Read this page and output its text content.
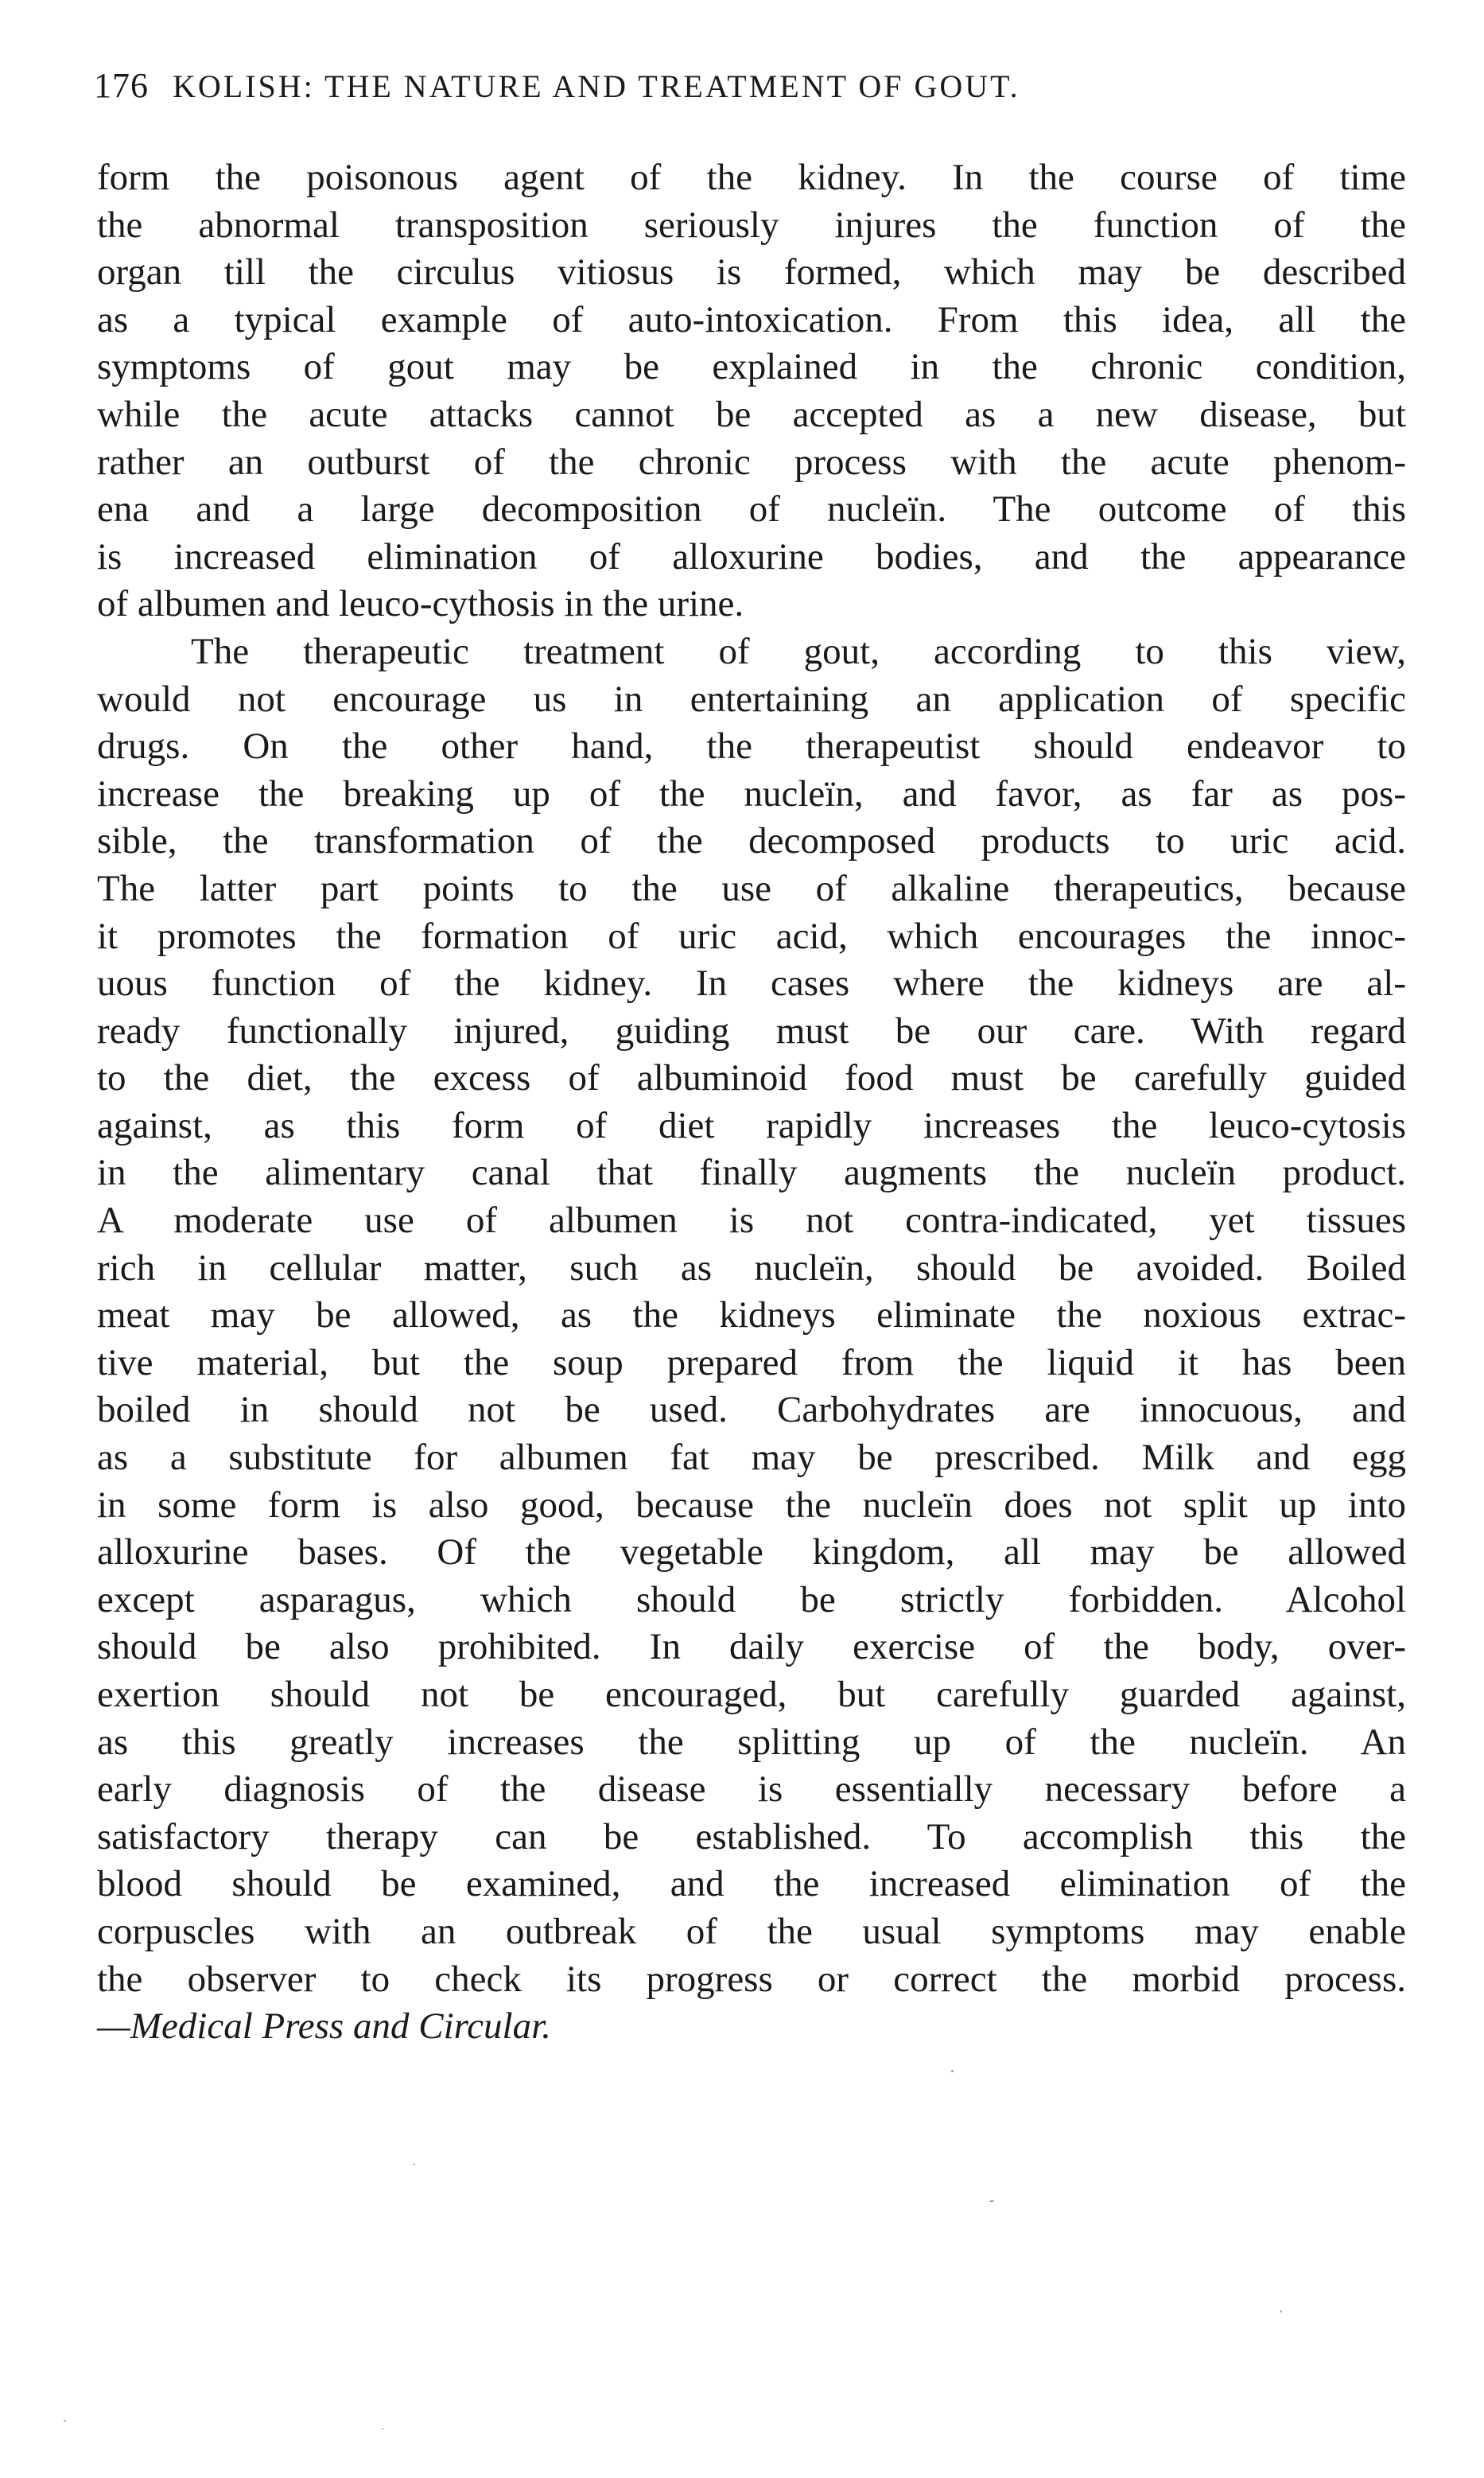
176 KOLISH: THE NATURE AND TREATMENT OF GOUT.
form the poisonous agent of the kidney. In the course of time
the abnormal transposition seriously injures the function of the
organ till the circulus vitiosus is formed, which may be described
as a typical example of auto-intoxication. From this idea, all the
symptoms of gout may be explained in the chronic condition,
while the acute attacks cannot be accepted as a new disease, but
rather an outburst of the chronic process with the acute phenom-
ena and a large decomposition of nucleïn. The outcome of this
is increased elimination of alloxurine bodies, and the appearance
of albumen and leuco-cythosis in the urine.
The therapeutic treatment of gout, according to this view,
would not encourage us in entertaining an application of specific
drugs. On the other hand, the therapeutist should endeavor to
increase the breaking up of the nucleïn, and favor, as far as pos-
sible, the transformation of the decomposed products to uric acid.
The latter part points to the use of alkaline therapeutics, because
it promotes the formation of uric acid, which encourages the innoc-
uous function of the kidney. In cases where the kidneys are al-
ready functionally injured, guiding must be our care. With regard
to the diet, the excess of albuminoid food must be carefully guided
against, as this form of diet rapidly increases the leuco-cytosis
in the alimentary canal that finally augments the nucleïn product.
A moderate use of albumen is not contra-indicated, yet tissues
rich in cellular matter, such as nucleïn, should be avoided. Boiled
meat may be allowed, as the kidneys eliminate the noxious extrac-
tive material, but the soup prepared from the liquid it has been
boiled in should not be used. Carbohydrates are innocuous, and
as a substitute for albumen fat may be prescribed. Milk and egg
in some form is also good, because the nucleïn does not split up into
alloxurine bases. Of the vegetable kingdom, all may be allowed
except asparagus, which should be strictly forbidden. Alcohol
should be also prohibited. In daily exercise of the body, over-
exertion should not be encouraged, but carefully guarded against,
as this greatly increases the splitting up of the nucleïn. An
early diagnosis of the disease is essentially necessary before a
satisfactory therapy can be established. To accomplish this the
blood should be examined, and the increased elimination of the
corpuscles with an outbreak of the usual symptoms may enable
the observer to check its progress or correct the morbid process.
—Medical Press and Circular.
